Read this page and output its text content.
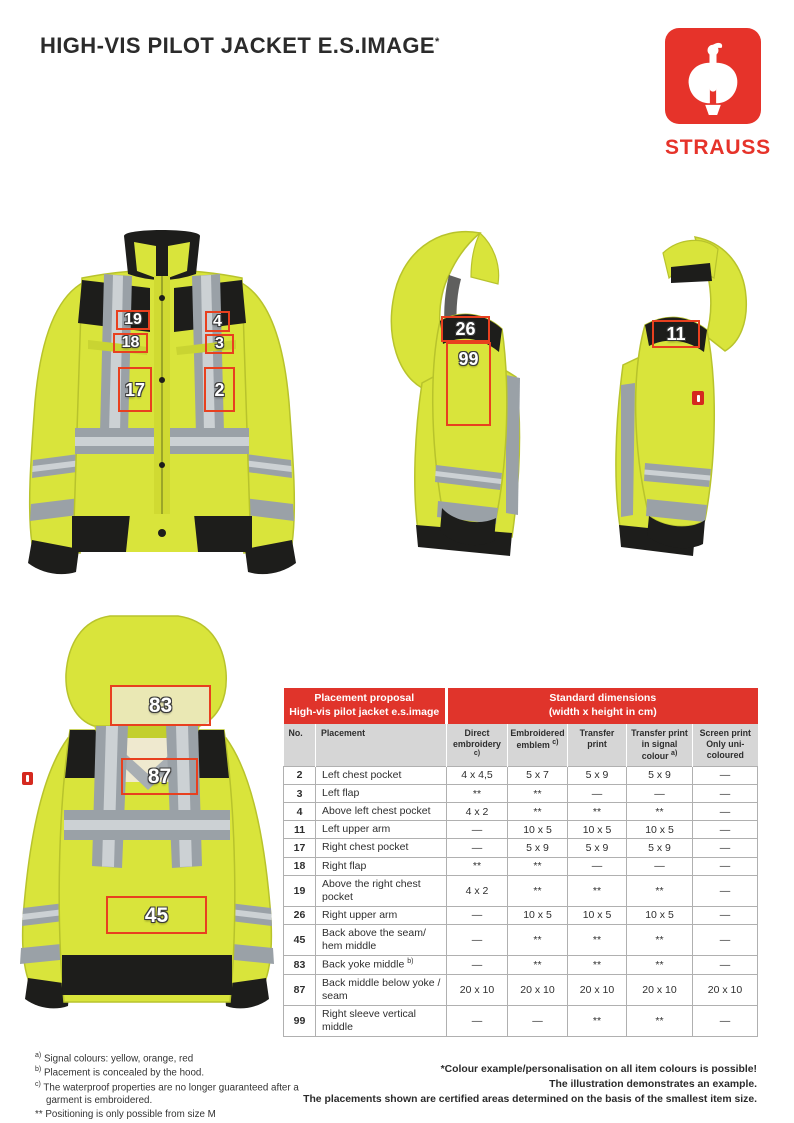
HIGH-VIS PILOT JACKET E.S.IMAGE*
STRAUSS
19	4
18	3
17	2
26
99
11
83
87
45
Placement proposal
High-vis pilot jacket e.s.image

Standard dimensions
(width x height in cm)

No.	Placement	Direct embroidery $^{c)}$	Embroidered emblem $^{c)}$	Transfer print	Transfer print in signal colour $^{a)}$	Screen print Only uni-coloured
2	Left chest pocket	4 x 4,5	5 x 7	5 x 9	5 x 9	—
3	Left flap	**	**	—	—	—
4	Above left chest pocket	4 x 2	**	**	**	—
11	Left upper arm	—	10 x 5	10 x 5	10 x 5	—
17	Right chest pocket	—	5 x 9	5 x 9	5 x 9	—
18	Right flap	**	**	—	—	—
19	Above the right chest pocket	4 x 2	**	**	**	—
26	Right upper arm	—	10 x 5	10 x 5	10 x 5	—
45	Back above the seam/ hem middle	—	**	**	**	—
83	Back yoke middle $^{b)}$	—	**	**	**	—
87	Back middle below yoke / seam	20 x 10	20 x 10	20 x 10	20 x 10	20 x 10
99	Right sleeve vertical middle	—	—	**	**	—
$^{a)}$ Signal colours: yellow, orange, red
$^{b)}$ Placement is concealed by the hood.
$^{c)}$ The waterproof properties are no longer guaranteed after a garment is embroidered.
** Positioning is only possible from size M
*Colour example/personalisation on all item colours is possible!
The illustration demonstrates an example.
The placements shown are certified areas determined on the basis of the smallest item size.
